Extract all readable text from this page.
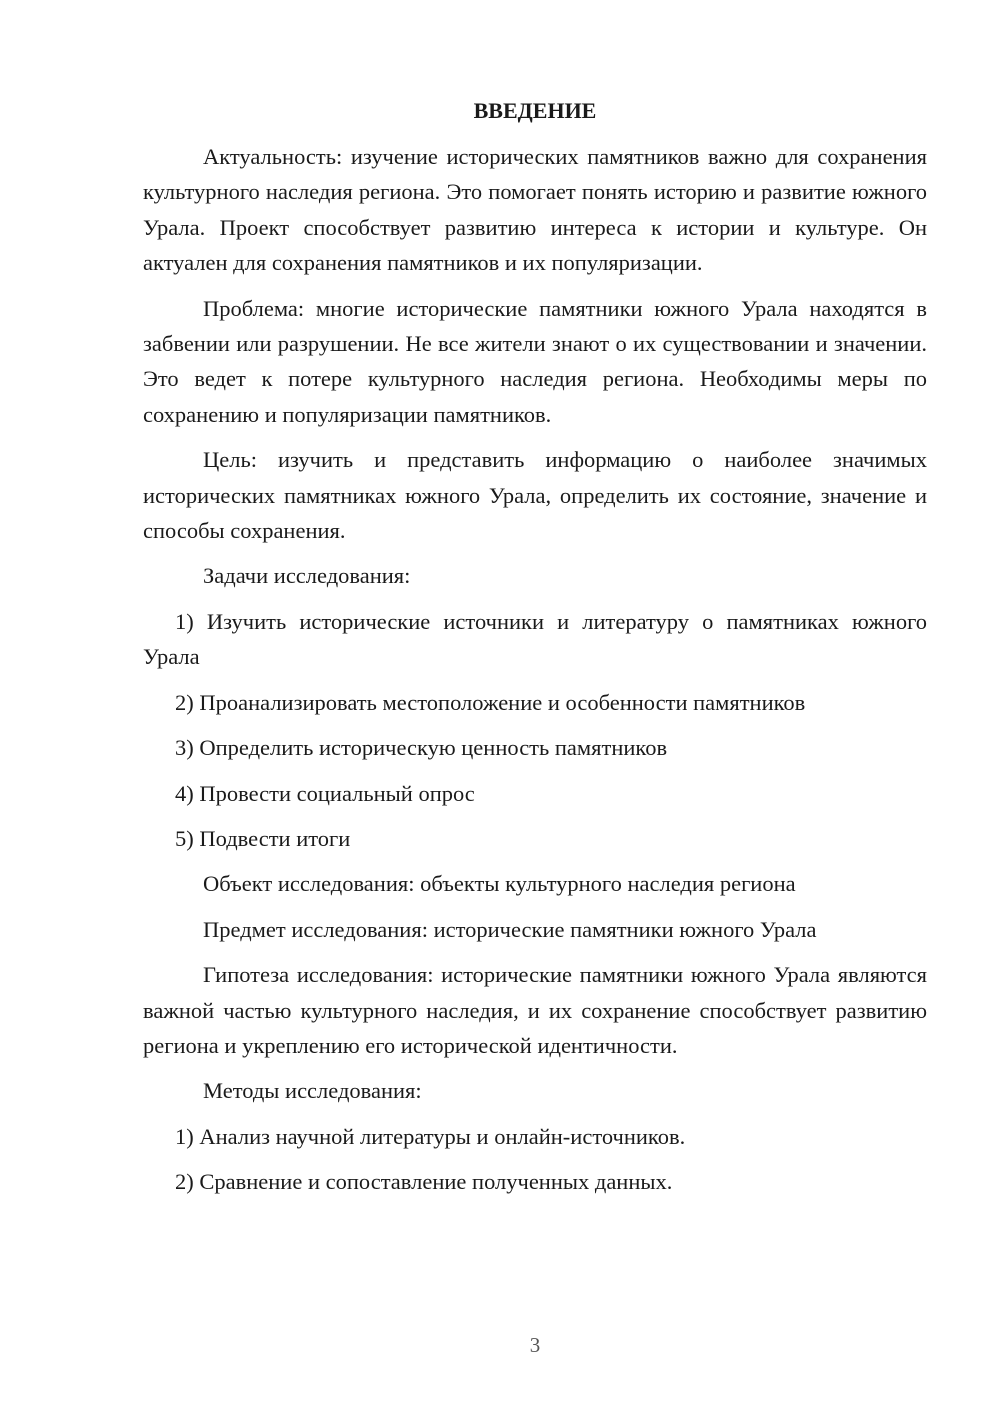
ВВЕДЕНИЕ

Актуальность: изучение исторических памятников важно для сохранения культурного наследия региона. Это помогает понять историю и развитие южного Урала. Проект способствует развитию интереса к истории и культуре. Он актуален для сохранения памятников и их популяризации.

Проблема: многие исторические памятники южного Урала находятся в забвении или разрушении. Не все жители знают о их существовании и значении. Это ведет к потере культурного наследия региона. Необходимы меры по сохранению и популяризации памятников.

Цель: изучить и представить информацию о наиболее значимых исторических памятниках южного Урала, определить их состояние, значение и способы сохранения.

Задачи исследования:

1) Изучить исторические источники и литературу о памятниках южного Урала

2) Проанализировать местоположение и особенности памятников

3) Определить историческую ценность памятников

4) Провести социальный опрос

5) Подвести итоги

Объект исследования: объекты культурного наследия региона
Предмет исследования: исторические памятники южного Урала

Гипотеза исследования: исторические памятники южного Урала являются важной частью культурного наследия, и их сохранение способствует развитию региона и укреплению его исторической идентичности.

Методы исследования:

1) Анализ научной литературы и онлайн-источников.

2) Сравнение и сопоставление полученных данных.

3
